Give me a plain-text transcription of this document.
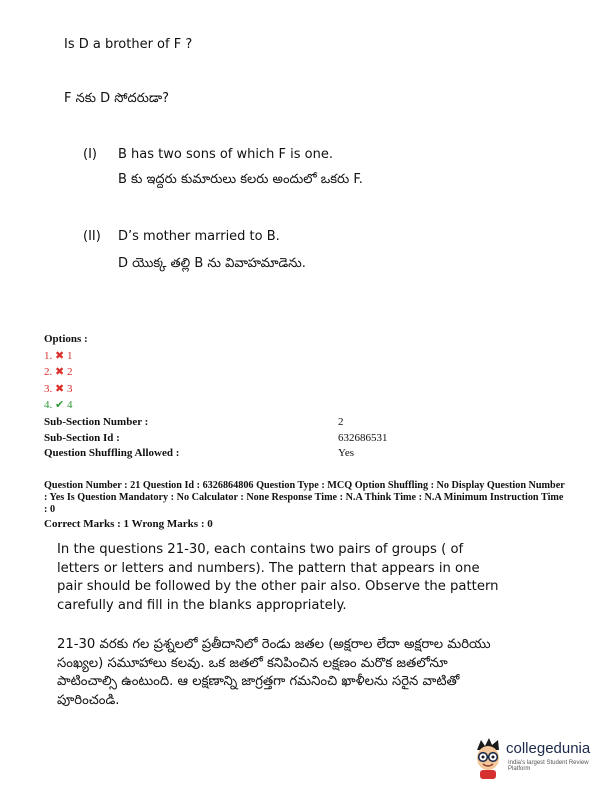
Is D a brother of F ?
F నకు D సోదరుడా?
(I) B has two sons of which F is one.
B కు ఇద్దరు కుమారులు కలరు అందులో ఒకరు F.
(II) D’s mother married to B.
D యొక్క తల్లి B ను వివాహమాడెను.
Options :
1. ✖ 1
2. ✖ 2
3. ✖ 3
4. ✔ 4
Sub-Section Number :	2
Sub-Section Id :	632686531
Question Shuffling Allowed :	Yes
Question Number : 21 Question Id : 6326864806 Question Type : MCQ Option Shuffling : No Display Question Number : Yes Is Question Mandatory : No Calculator : None Response Time : N.A Think Time : N.A Minimum Instruction Time : 0
Correct Marks : 1 Wrong Marks : 0
In the questions 21-30, each contains two pairs of groups ( of letters or letters and numbers). The pattern that appears in one pair should be followed by the other pair also. Observe the pattern carefully and fill in the blanks appropriately.
21-30 వరకు గల ప్రశ్నలలో ప్రతీదానిలో రెండు జతల (అక్షరాల లేదా అక్షరాల మరియు సంఖ్యల) సమూహాలు కలవు. ఒక జతలో కనిపించిన లక్షణం మరొక జతలోనూ పాటించాల్సి ఉంటుంది. ఆ లక్షణాన్ని జాగ్రత్తగా గమనించి ఖాళీలను సరైన వాటితో పూరించండి.
collegedunia
India's largest Student Review Platform
